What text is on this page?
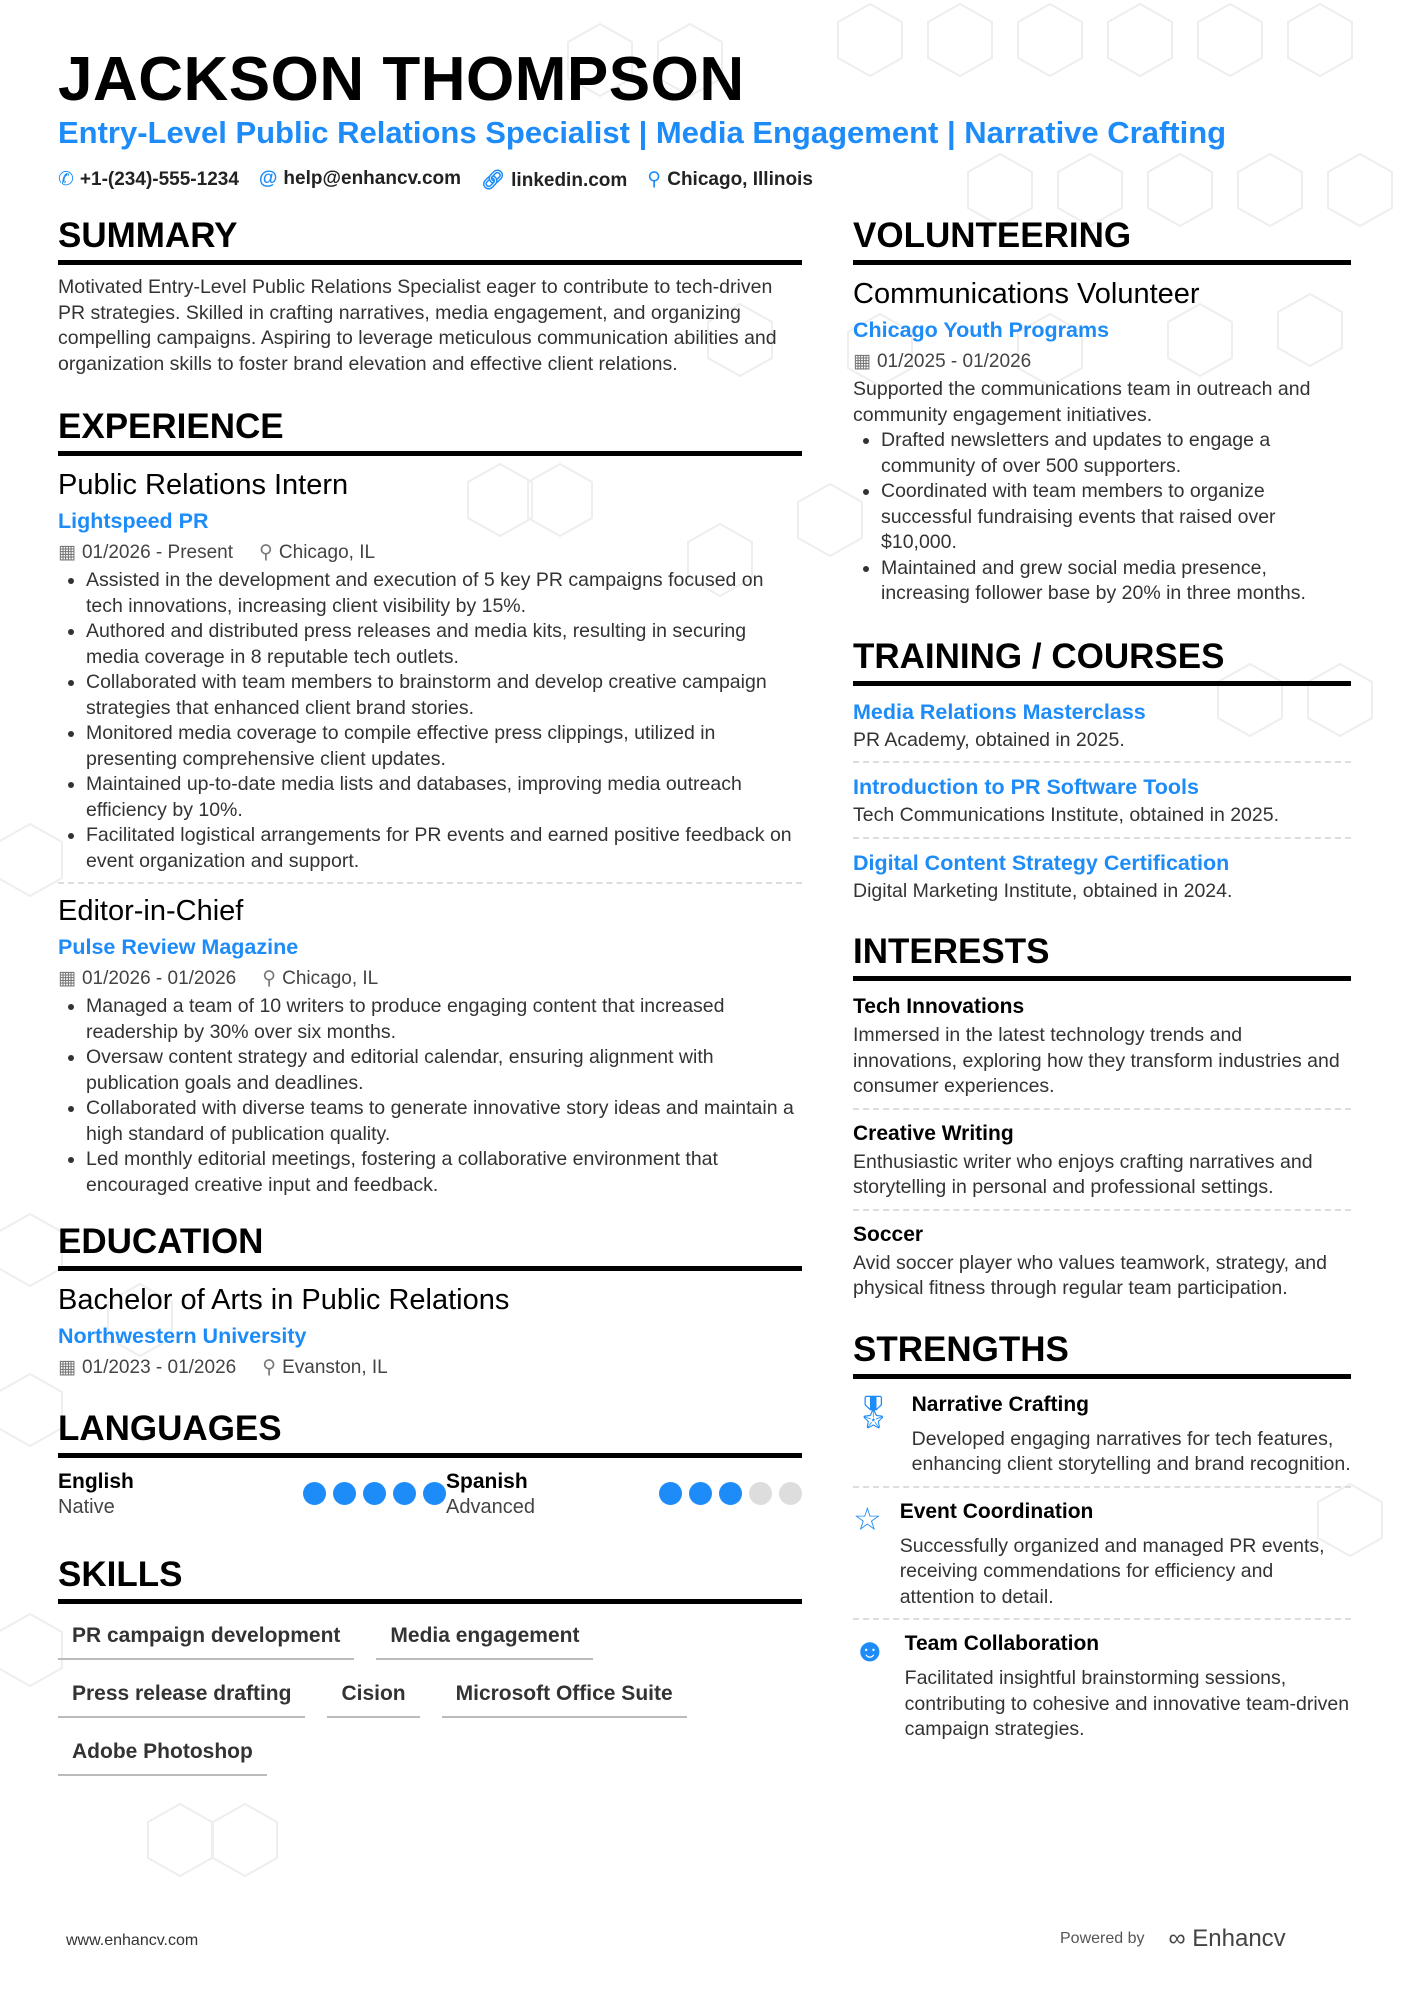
JACKSON THOMPSON
Entry-Level Public Relations Specialist | Media Engagement | Narrative Crafting
✆ +1-(234)-555-1234 @ help@enhancv.com 🔗︎ linkedin.com ⚲ Chicago, Illinois
SUMMARY
Motivated Entry-Level Public Relations Specialist eager to contribute to tech-driven PR strategies. Skilled in crafting narratives, media engagement, and organizing compelling campaigns. Aspiring to leverage meticulous communication abilities and organization skills to foster brand elevation and effective client relations.
EXPERIENCE
Public Relations Intern
Lightspeed PR
▦ 01/2026 - Present ⚲ Chicago, IL
• Assisted in the development and execution of 5 key PR campaigns focused on tech innovations, increasing client visibility by 15%.
• Authored and distributed press releases and media kits, resulting in securing media coverage in 8 reputable tech outlets.
• Collaborated with team members to brainstorm and develop creative campaign strategies that enhanced client brand stories.
• Monitored media coverage to compile effective press clippings, utilized in presenting comprehensive client updates.
• Maintained up-to-date media lists and databases, improving media outreach efficiency by 10%.
• Facilitated logistical arrangements for PR events and earned positive feedback on event organization and support.
Editor-in-Chief
Pulse Review Magazine
▦ 01/2026 - 01/2026 ⚲ Chicago, IL
• Managed a team of 10 writers to produce engaging content that increased readership by 30% over six months.
• Oversaw content strategy and editorial calendar, ensuring alignment with publication goals and deadlines.
• Collaborated with diverse teams to generate innovative story ideas and maintain a high standard of publication quality.
• Led monthly editorial meetings, fostering a collaborative environment that encouraged creative input and feedback.
EDUCATION
Bachelor of Arts in Public Relations
Northwestern University
▦ 01/2023 - 01/2026 ⚲ Evanston, IL
LANGUAGES
English
Native
Spanish
Advanced
SKILLS
PR campaign development	Media engagement
Press release drafting	Cision	Microsoft Office Suite
Adobe Photoshop
VOLUNTEERING
Communications Volunteer
Chicago Youth Programs
▦ 01/2025 - 01/2026
Supported the communications team in outreach and community engagement initiatives.
• Drafted newsletters and updates to engage a community of over 500 supporters.
• Coordinated with team members to organize successful fundraising events that raised over $10,000.
• Maintained and grew social media presence, increasing follower base by 20% in three months.
TRAINING / COURSES
Media Relations Masterclass
PR Academy, obtained in 2025.
Introduction to PR Software Tools
Tech Communications Institute, obtained in 2025.
Digital Content Strategy Certification
Digital Marketing Institute, obtained in 2024.
INTERESTS
Tech Innovations
Immersed in the latest technology trends and innovations, exploring how they transform industries and consumer experiences.
Creative Writing
Enthusiastic writer who enjoys crafting narratives and storytelling in personal and professional settings.
Soccer
Avid soccer player who values teamwork, strategy, and physical fitness through regular team participation.
STRENGTHS
🎖︎ Narrative Crafting
Developed engaging narratives for tech features, enhancing client storytelling and brand recognition.
☆ Event Coordination
Successfully organized and managed PR events, receiving commendations for efficiency and attention to detail.
☻ Team Collaboration
Facilitated insightful brainstorming sessions, contributing to cohesive and innovative team-driven campaign strategies.
www.enhancv.com	Powered by ∞ Enhancv
